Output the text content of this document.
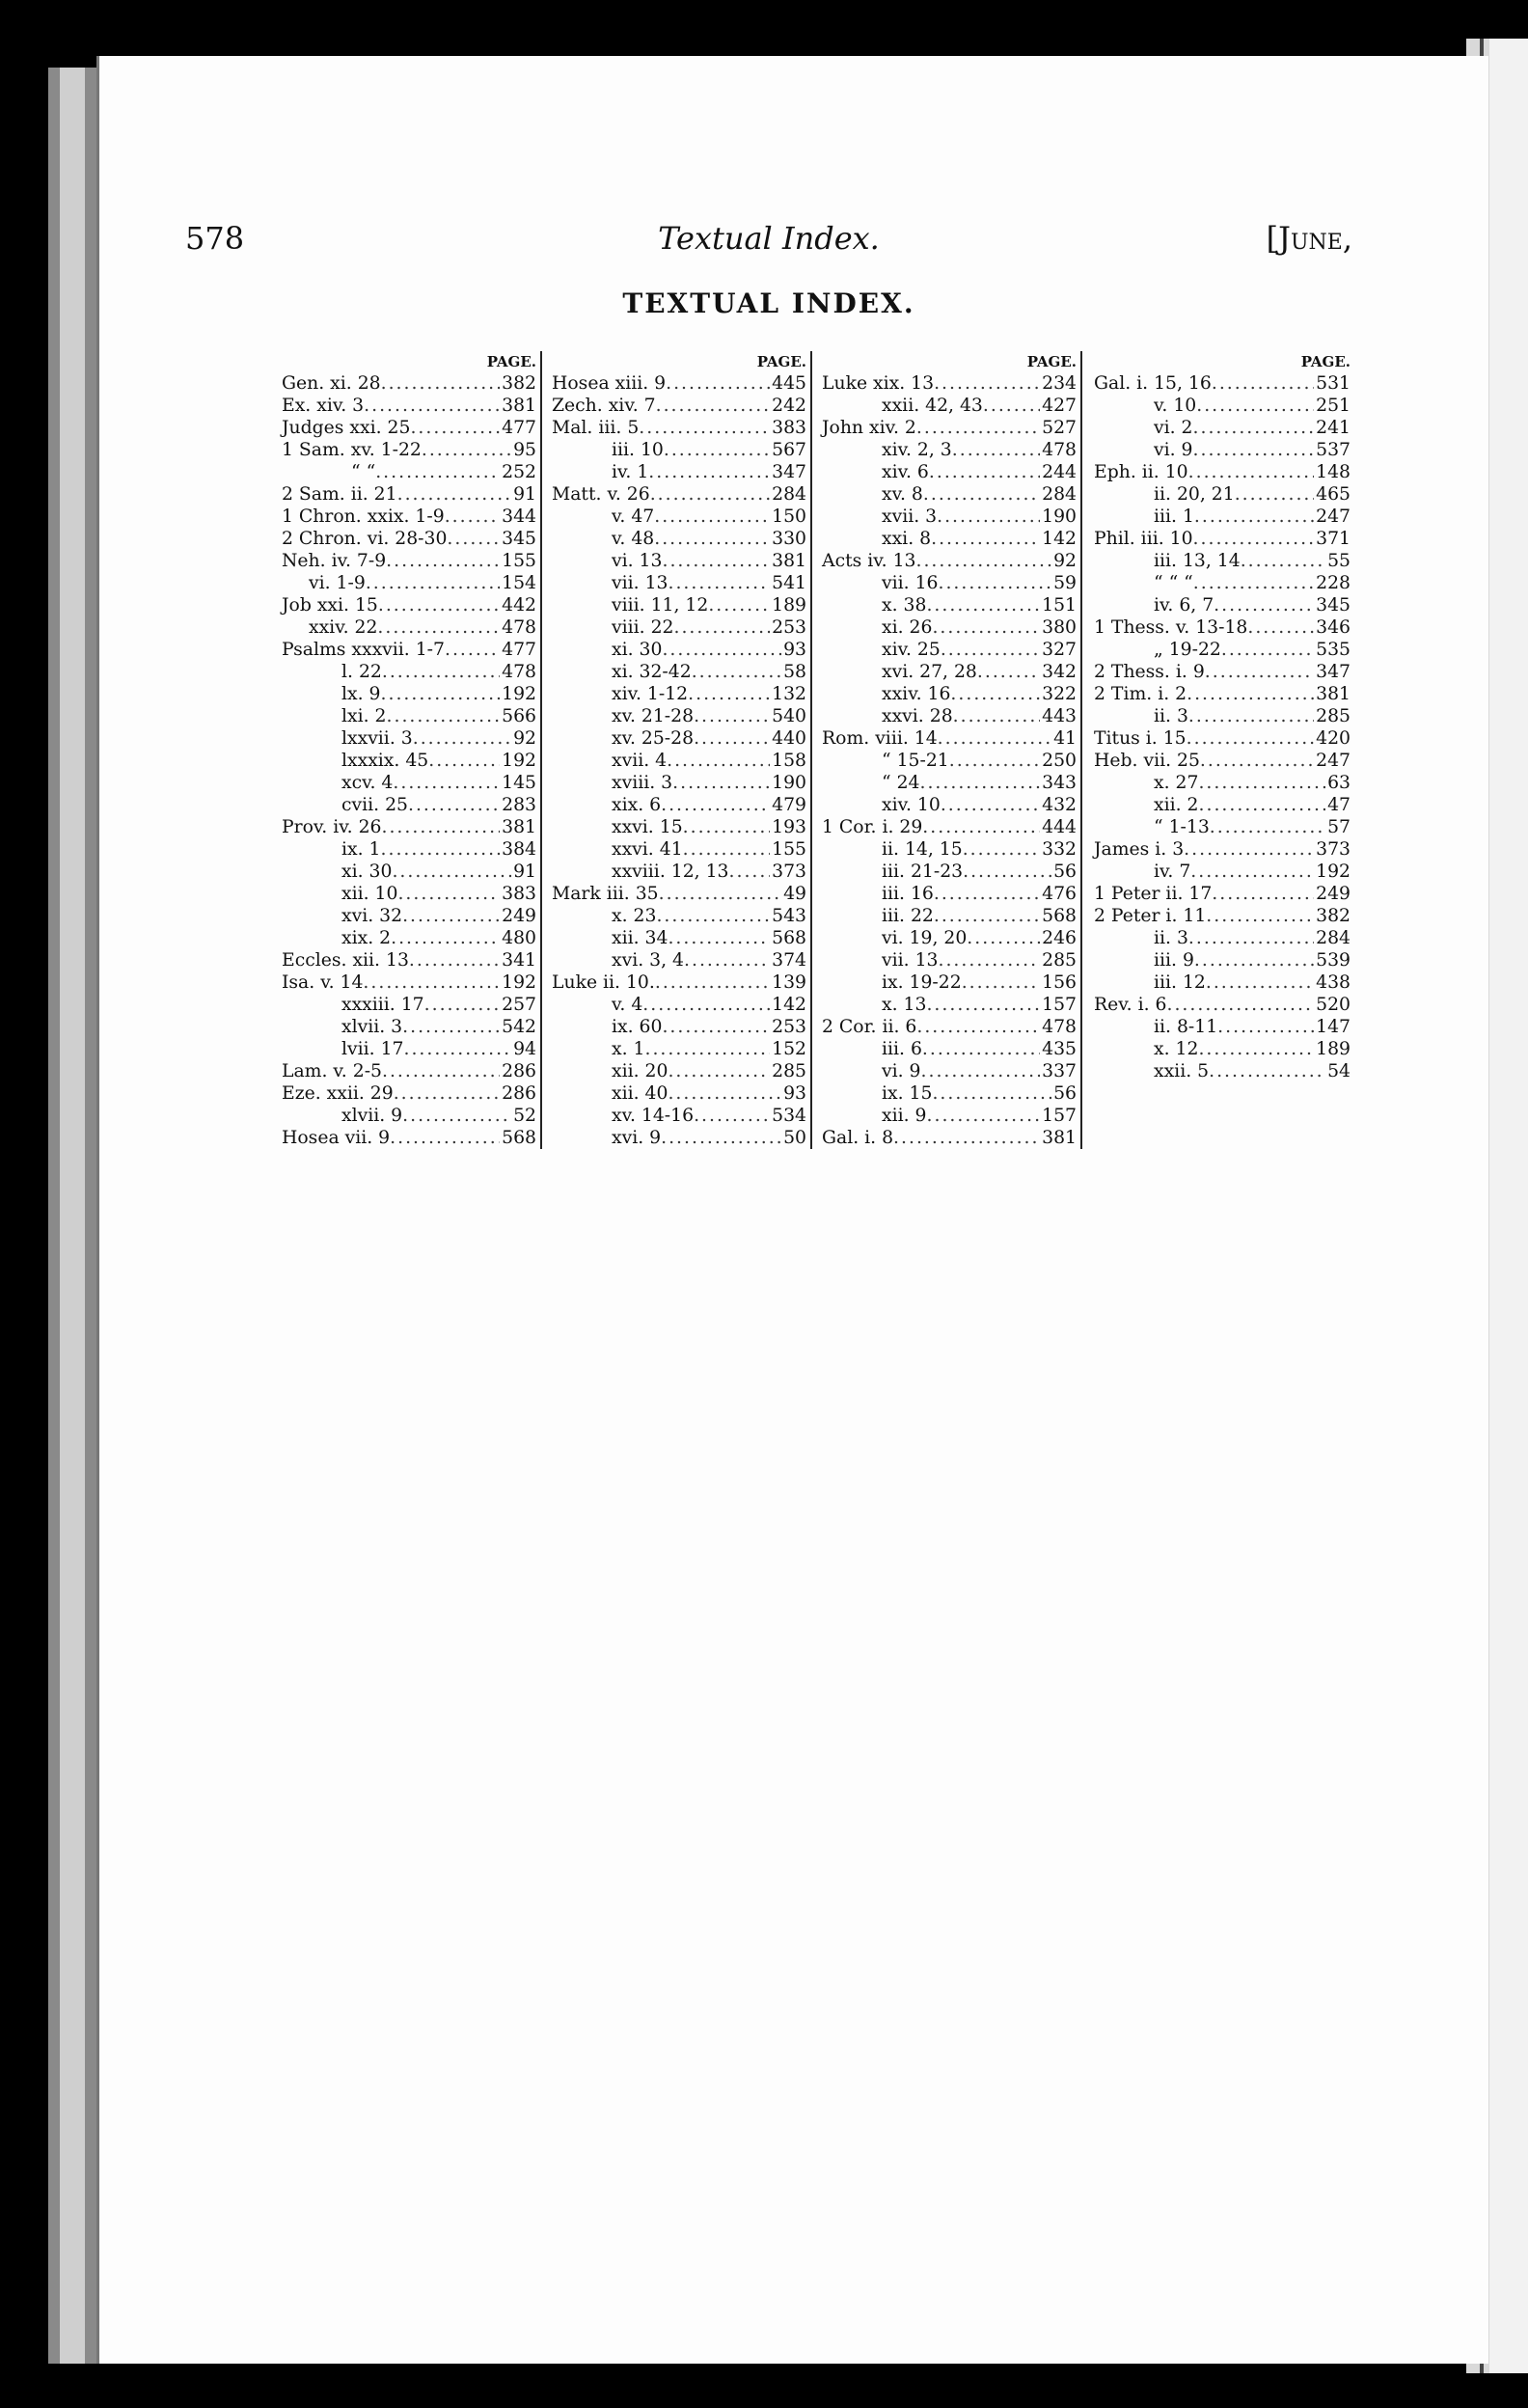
578	Textual Index.	[June,
TEXTUAL INDEX.
PAGE.
Gen. xi. 28 .....	382
Ex. xiv. 3 .....	381
Judges xxi. 25 .....	477
1 Sam. xv. 1-22 .....	95
“ “ .....	252
2 Sam. ii. 21 .....	91
1 Chron. xxix. 1-9 .....	344
2 Chron. vi. 28-30 .....	345
Neh. iv. 7-9 .....	155
vi. 1-9 .....	154
Job xxi. 15 .....	442
xxiv. 22 .....	478
Psalms xxxvii. 1-7 .....	477
l. 22 .....	478
lx. 9 .....	192
lxi. 2 .....	566
lxxvii. 3 .....	92
lxxxix. 45 .....	192
xcv. 4 .....	145
cvii. 25 .....	283
Prov. iv. 26 .....	381
ix. 1 .....	384
xi. 30 .....	91
xii. 10 .....	383
xvi. 32 .....	249
xix. 2 .....	480
Eccles. xii. 13 .....	341
Isa. v. 14 .....	192
xxxiii. 17 .....	257
xlvii. 3 .....	542
lvii. 17 .....	94
Lam. v. 2-5 .....	286
Eze. xxii. 29 .....	286
xlvii. 9 .....	52
Hosea vii. 9 .....	568
PAGE.
Hosea xiii. 9 .....	445
Zech. xiv. 7 .....	242
Mal. iii. 5 .....	383
iii. 10 .....	567
iv. 1 .....	347
Matt. v. 26 .....	284
v. 47 .....	150
v. 48 .....	330
vi. 13 .....	381
vii. 13 .....	541
viii. 11, 12 .....	189
viii. 22 .....	253
xi. 30 .....	93
xi. 32-42 .....	58
xiv. 1-12 .....	132
xv. 21-28 .....	540
xv. 25-28 .....	440
xvii. 4 .....	158
xviii. 3 .....	190
xix. 6 .....	479
xxvi. 15 .....	193
xxvi. 41 .....	155
xxviii. 12, 13 ..... 373
Mark iii. 35 .....	49
x. 23 .....	543
xii. 34 .....	568
xvi. 3, 4 .....	374
Luke ii. 10. .....	139
v. 4 .....	142
ix. 60 .....	253
x. 1 .....	152
xii. 20 .....	285
xii. 40 .....	93
xv. 14-16 .....	534
xvi. 9 .....	50
PAGE.
Luke xix. 13 .....	234
xxii. 42, 43 .....	427
John xiv. 2 .....	527
xiv. 2, 3 .....	478
xiv. 6 .....	244
xv. 8 .....	284
xvii. 3 .....	190
xxi. 8 .....	142
Acts iv. 13 .....	92
vii. 16 .....	59
x. 38 .....	151
xi. 26 .....	380
xiv. 25 .....	327
xvi. 27, 28 .....	342
xxiv. 16 .....	322
xxvi. 28 .....	443
Rom. viii. 14 .....	41
“ 15-21 .....	250
“ 24 .....	343
xiv. 10 .....	432
1 Cor. i. 29 .....	444
ii. 14, 15 .....	332
iii. 21-23 .....	56
iii. 16 .....	476
iii. 22 .....	568
vi. 19, 20 .....	246
vii. 13 .....	285
ix. 19-22 .....	156
x. 13 .....	157
2 Cor. ii. 6 .....	478
iii. 6 .....	435
vi. 9 .....	337
ix. 15 .....	56
xii. 9 .....	157
Gal. i. 8 .....	381
PAGE.
Gal. i. 15, 16 .....	531
v. 10 .....	251
vi. 2 .....	241
vi. 9 .....	537
Eph. ii. 10 .....	148
ii. 20, 21 .....	465
iii. 1 .....	247
Phil. iii. 10 .....	371
iii. 13, 14 .....	55
“ “ “ .....	228
iv. 6, 7 .....	345
1 Thess. v. 13-18 .....	346
„ 19-22 .....	535
2 Thess. i. 9 .....	347
2 Tim. i. 2 .....	381
ii. 3 .....	285
Titus i. 15 .....	420
Heb. vii. 25 .....	247
x. 27 .....	63
xii. 2 .....	47
“ 1-13 .....	57
James i. 3 .....	373
iv. 7 .....	192
1 Peter ii. 17 .....	249
2 Peter i. 11 .....	382
ii. 3 .....	284
iii. 9 .....	539
iii. 12 .....	438
Rev. i. 6 .....	520
ii. 8-11 .....	147
x. 12 .....	189
xxii. 5 .....	54
